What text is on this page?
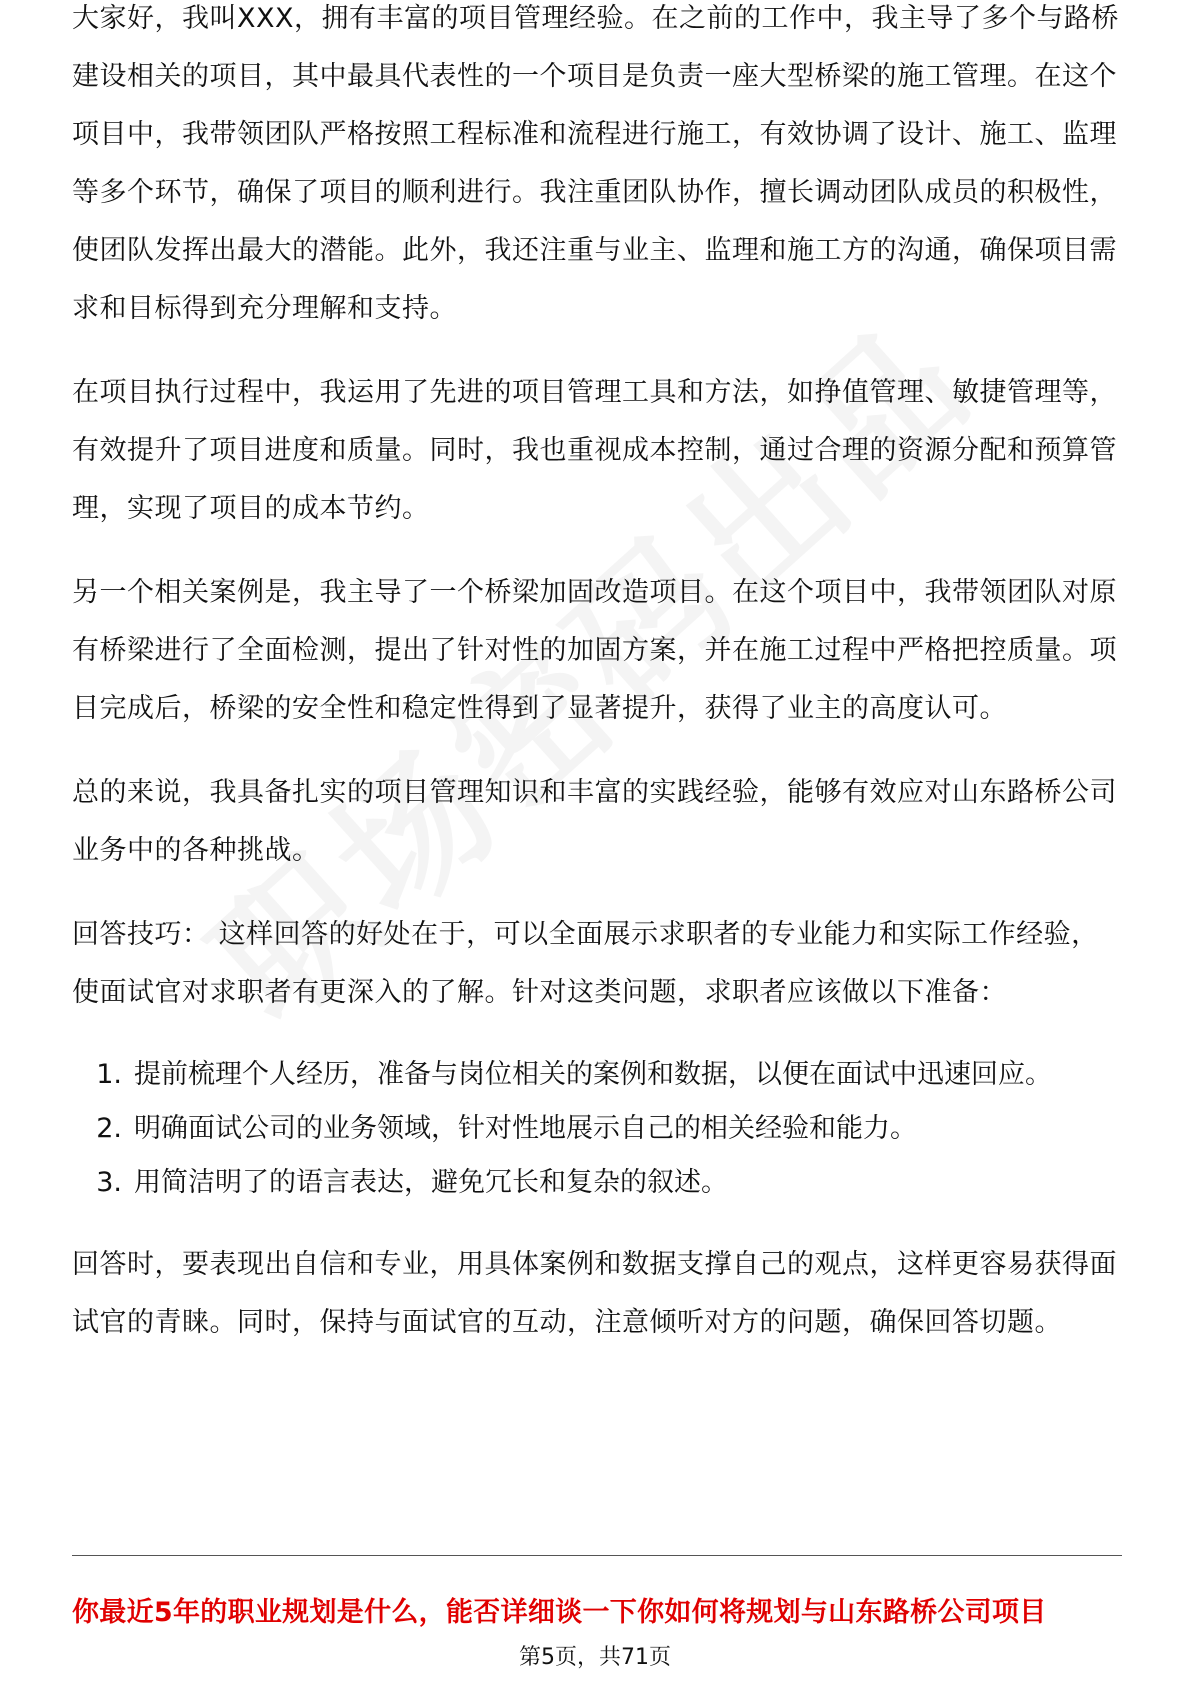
大家好，我叫XXX，拥有丰富的项目管理经验。在之前的工作中，我主导了多个与路桥建设相关的项目，其中最具代表性的一个项目是负责一座大型桥梁的施工管理。在这个项目中，我带领团队严格按照工程标准和流程进行施工，有效协调了设计、施工、监理等多个环节，确保了项目的顺利进行。我注重团队协作，擅长调动团队成员的积极性，使团队发挥出最大的潜能。此外，我还注重与业主、监理和施工方的沟通，确保项目需求和目标得到充分理解和支持。

在项目执行过程中，我运用了先进的项目管理工具和方法，如挣值管理、敏捷管理等，有效提升了项目进度和质量。同时，我也重视成本控制，通过合理的资源分配和预算管理，实现了项目的成本节约。

另一个相关案例是，我主导了一个桥梁加固改造项目。在这个项目中，我带领团队对原有桥梁进行了全面检测，提出了针对性的加固方案，并在施工过程中严格把控质量。项目完成后，桥梁的安全性和稳定性得到了显著提升，获得了业主的高度认可。

总的来说，我具备扎实的项目管理知识和丰富的实践经验，能够有效应对山东路桥公司业务中的各种挑战。

回答技巧： 这样回答的好处在于，可以全面展示求职者的专业能力和实际工作经验，使面试官对求职者有更深入的了解。针对这类问题，求职者应该做以下准备：

1. 提前梳理个人经历，准备与岗位相关的案例和数据，以便在面试中迅速回应。
2. 明确面试公司的业务领域，针对性地展示自己的相关经验和能力。
3. 用简洁明了的语言表达，避免冗长和复杂的叙述。

回答时，要表现出自信和专业，用具体案例和数据支撑自己的观点，这样更容易获得面试官的青睐。同时，保持与面试官的互动，注意倾听对方的问题，确保回答切题。

你最近5年的职业规划是什么，能否详细谈一下你如何将规划与山东路桥公司项目
第5页，共71页
